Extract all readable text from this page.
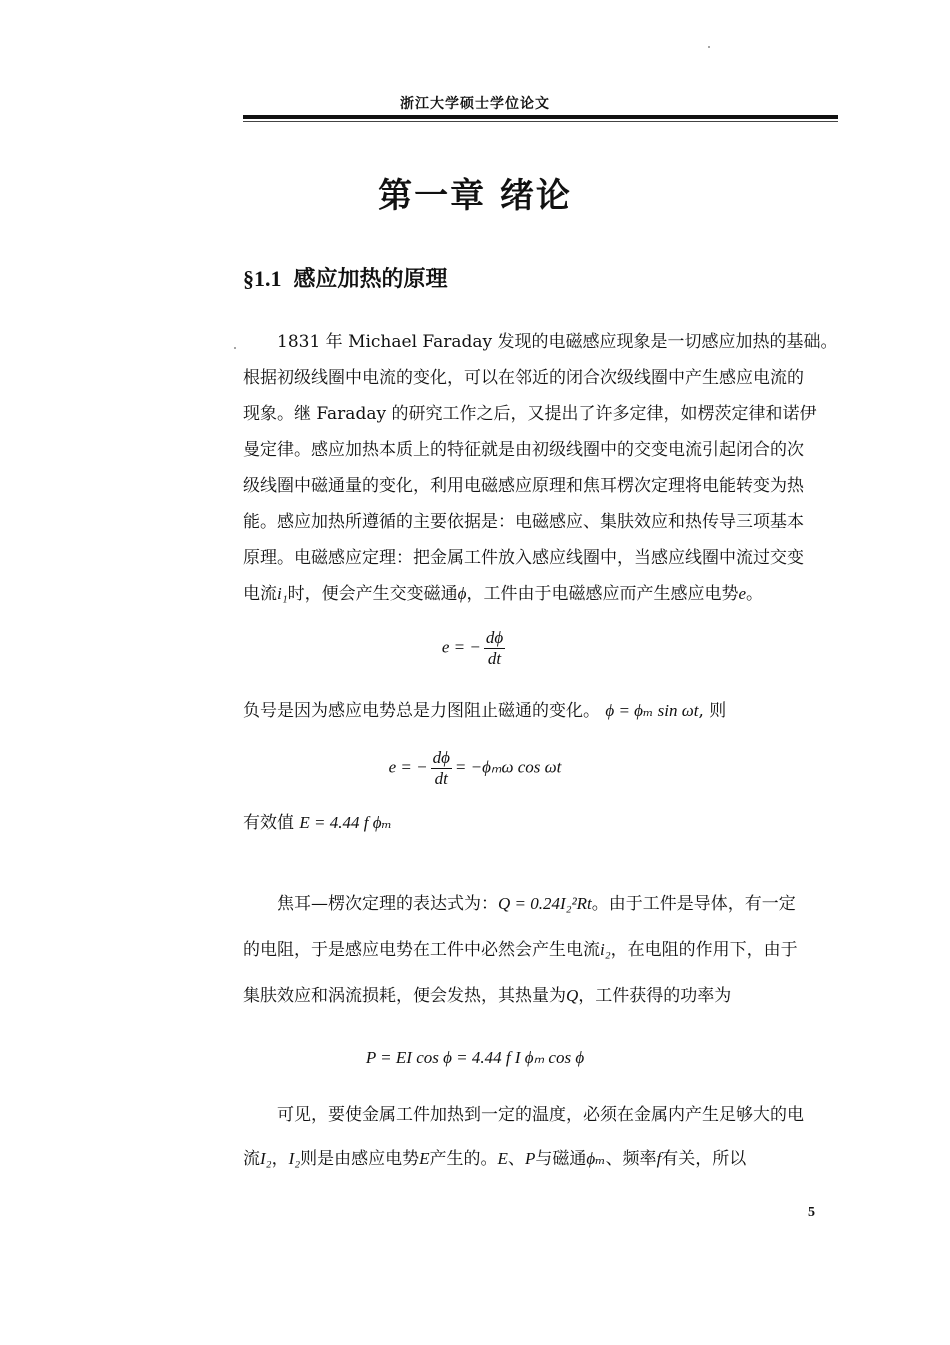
浙江大学硕士学位论文
第一章 绪论
§1.1 感应加热的原理
1831 年 Michael Faraday 发现的电磁感应现象是一切感应加热的基础。
根据初级线圈中电流的变化，可以在邻近的闭合次级线圈中产生感应电流的
现象。继 Faraday 的研究工作之后，又提出了许多定律，如楞茨定律和诺伊
曼定律。感应加热本质上的特征就是由初级线圈中的交变电流引起闭合的次
级线圈中磁通量的变化，利用电磁感应原理和焦耳楞次定理将电能转变为热
能。感应加热所遵循的主要依据是：电磁感应、集肤效应和热传导三项基本
原理。电磁感应定理：把金属工件放入感应线圈中，当感应线圈中流过交变
电流i₁时，便会产生交变磁通ϕ，工件由于电磁感应而产生感应电势e。
e = − $\frac{d\phi}{dt}$
负号是因为感应电势总是力图阻止磁通的变化。 ϕ = ϕₘ sin ωt, 则
e = − $\frac{d\phi}{dt} = -\phi_m\omega$ cos ωt
有效值 E = 4.44 f ϕₘ
焦耳—楞次定理的表达式为：Q = 0.24I₂²Rt。由于工件是导体，有一定
的电阻，于是感应电势在工件中必然会产生电流i₂，在电阻的作用下，由于
集肤效应和涡流损耗，便会发热，其热量为Q，工件获得的功率为
P = EI cos ϕ = 4.44 f I ϕₘ cos ϕ
可见，要使金属工件加热到一定的温度，必须在金属内产生足够大的电
流I₂，I₂则是由感应电势E产生的。E、P与磁通ϕₘ、频率f有关，所以
5
